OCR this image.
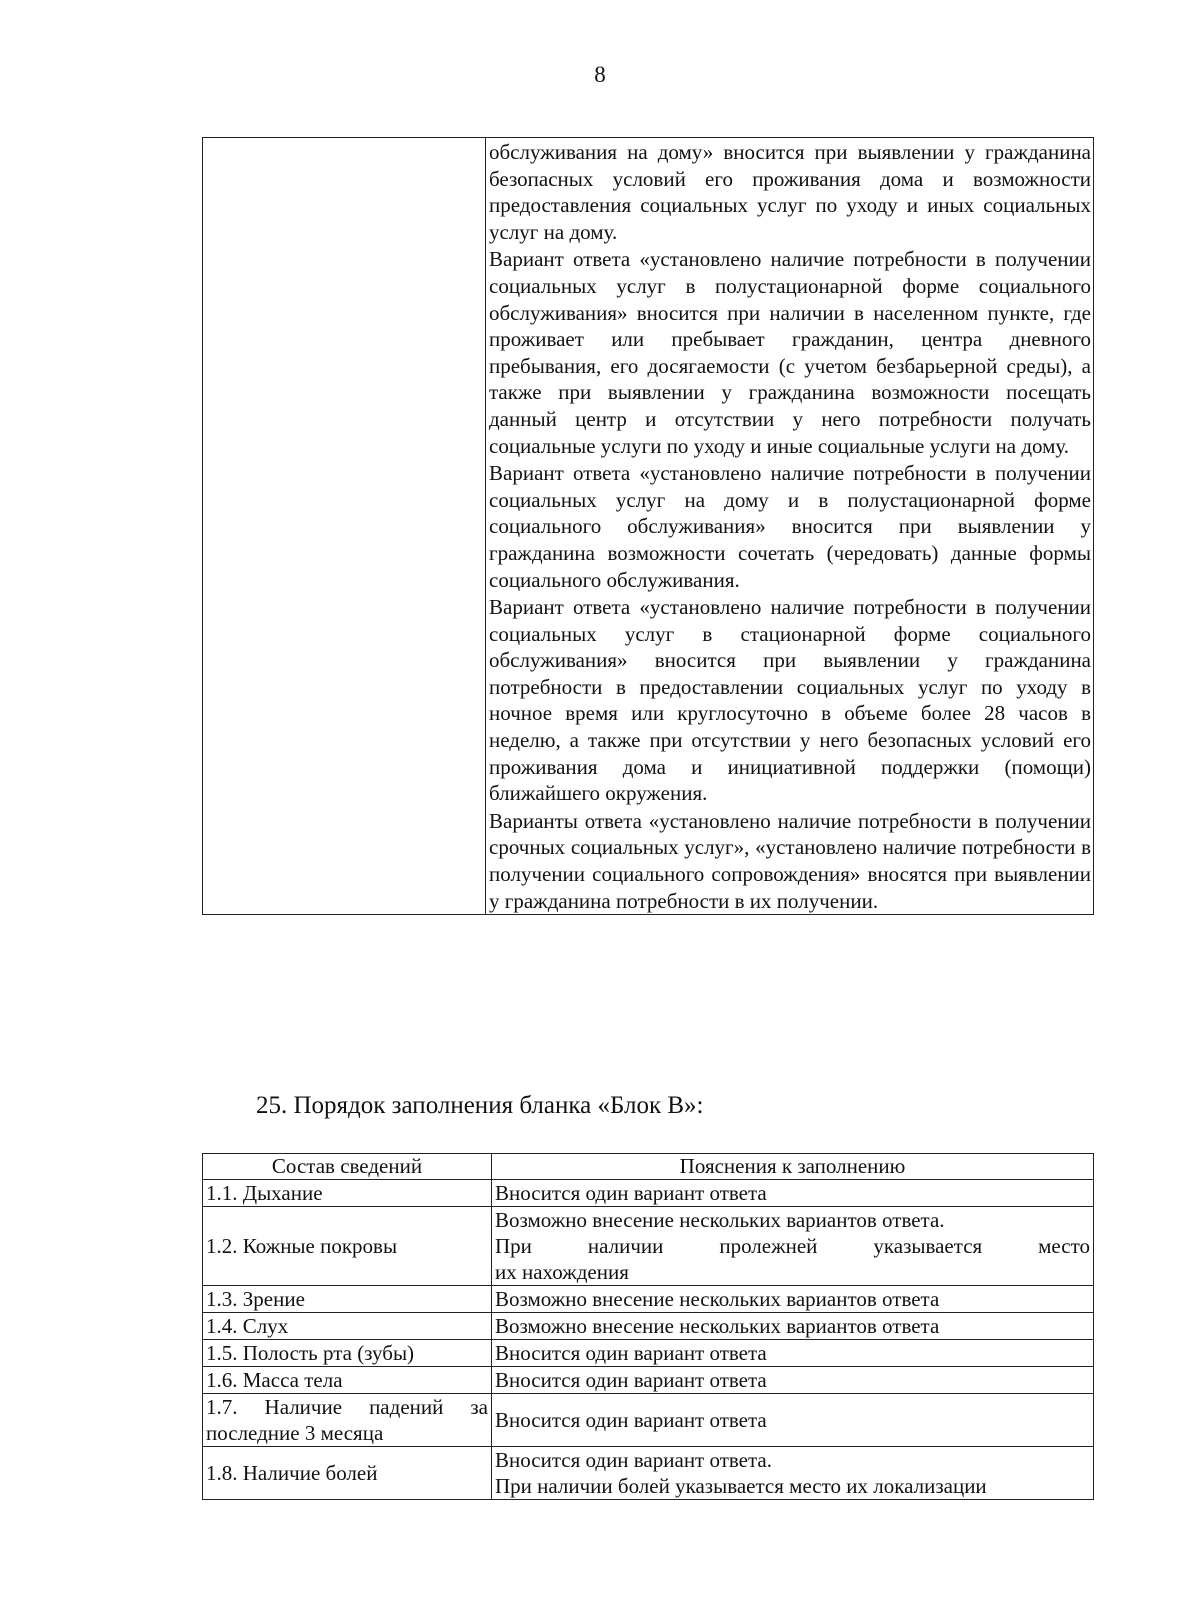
8

обслуживания на дому» вносится при выявлении у гражданина безопасных условий его проживания дома и возможности предоставления социальных услуг по уходу и иных социальных услуг на дому.
Вариант ответа «установлено наличие потребности в получении социальных услуг в полустационарной форме социального обслуживания» вносится при наличии в населенном пункте, где проживает или пребывает гражданин, центра дневного пребывания, его досягаемости (с учетом безбарьерной среды), а также при выявлении у гражданина возможности посещать данный центр и отсутствии у него потребности получать социальные услуги по уходу и иные социальные услуги на дому.
Вариант ответа «установлено наличие потребности в получении социальных услуг на дому и в полустационарной форме социального обслуживания» вносится при выявлении у гражданина возможности сочетать (чередовать) данные формы социального обслуживания.
Вариант ответа «установлено наличие потребности в получении социальных услуг в стационарной форме социального обслуживания» вносится при выявлении у гражданина потребности в предоставлении социальных услуг по уходу в ночное время или круглосуточно в объеме более 28 часов в неделю, а также при отсутствии у него безопасных условий его проживания дома и инициативной поддержки (помощи) ближайшего окружения.
Варианты ответа «установлено наличие потребности в получении срочных социальных услуг», «установлено наличие потребности в получении социального сопровождения» вносятся при выявлении у гражданина потребности в их получении.
25. Порядок заполнения бланка «Блок В»:
Состав сведений	Пояснения к заполнению
1.1. Дыхание	Вносится один вариант ответа

1.2. Кожные покровы	Возможно внесение нескольких вариантов ответа.
При наличии пролежней указывается место
их нахождения

1.3. Зрение	Возможно внесение нескольких вариантов ответа

1.4. Слух	Возможно внесение нескольких вариантов ответа

1.5. Полость рта (зубы)	Вносится один вариант ответа

1.6. Масса тела	Вносится один вариант ответа

1.7. Наличие падений за последние 3 месяца	Вносится один вариант ответа

1.8. Наличие болей	Вносится один вариант ответа.
При наличии болей указывается место их локализации
